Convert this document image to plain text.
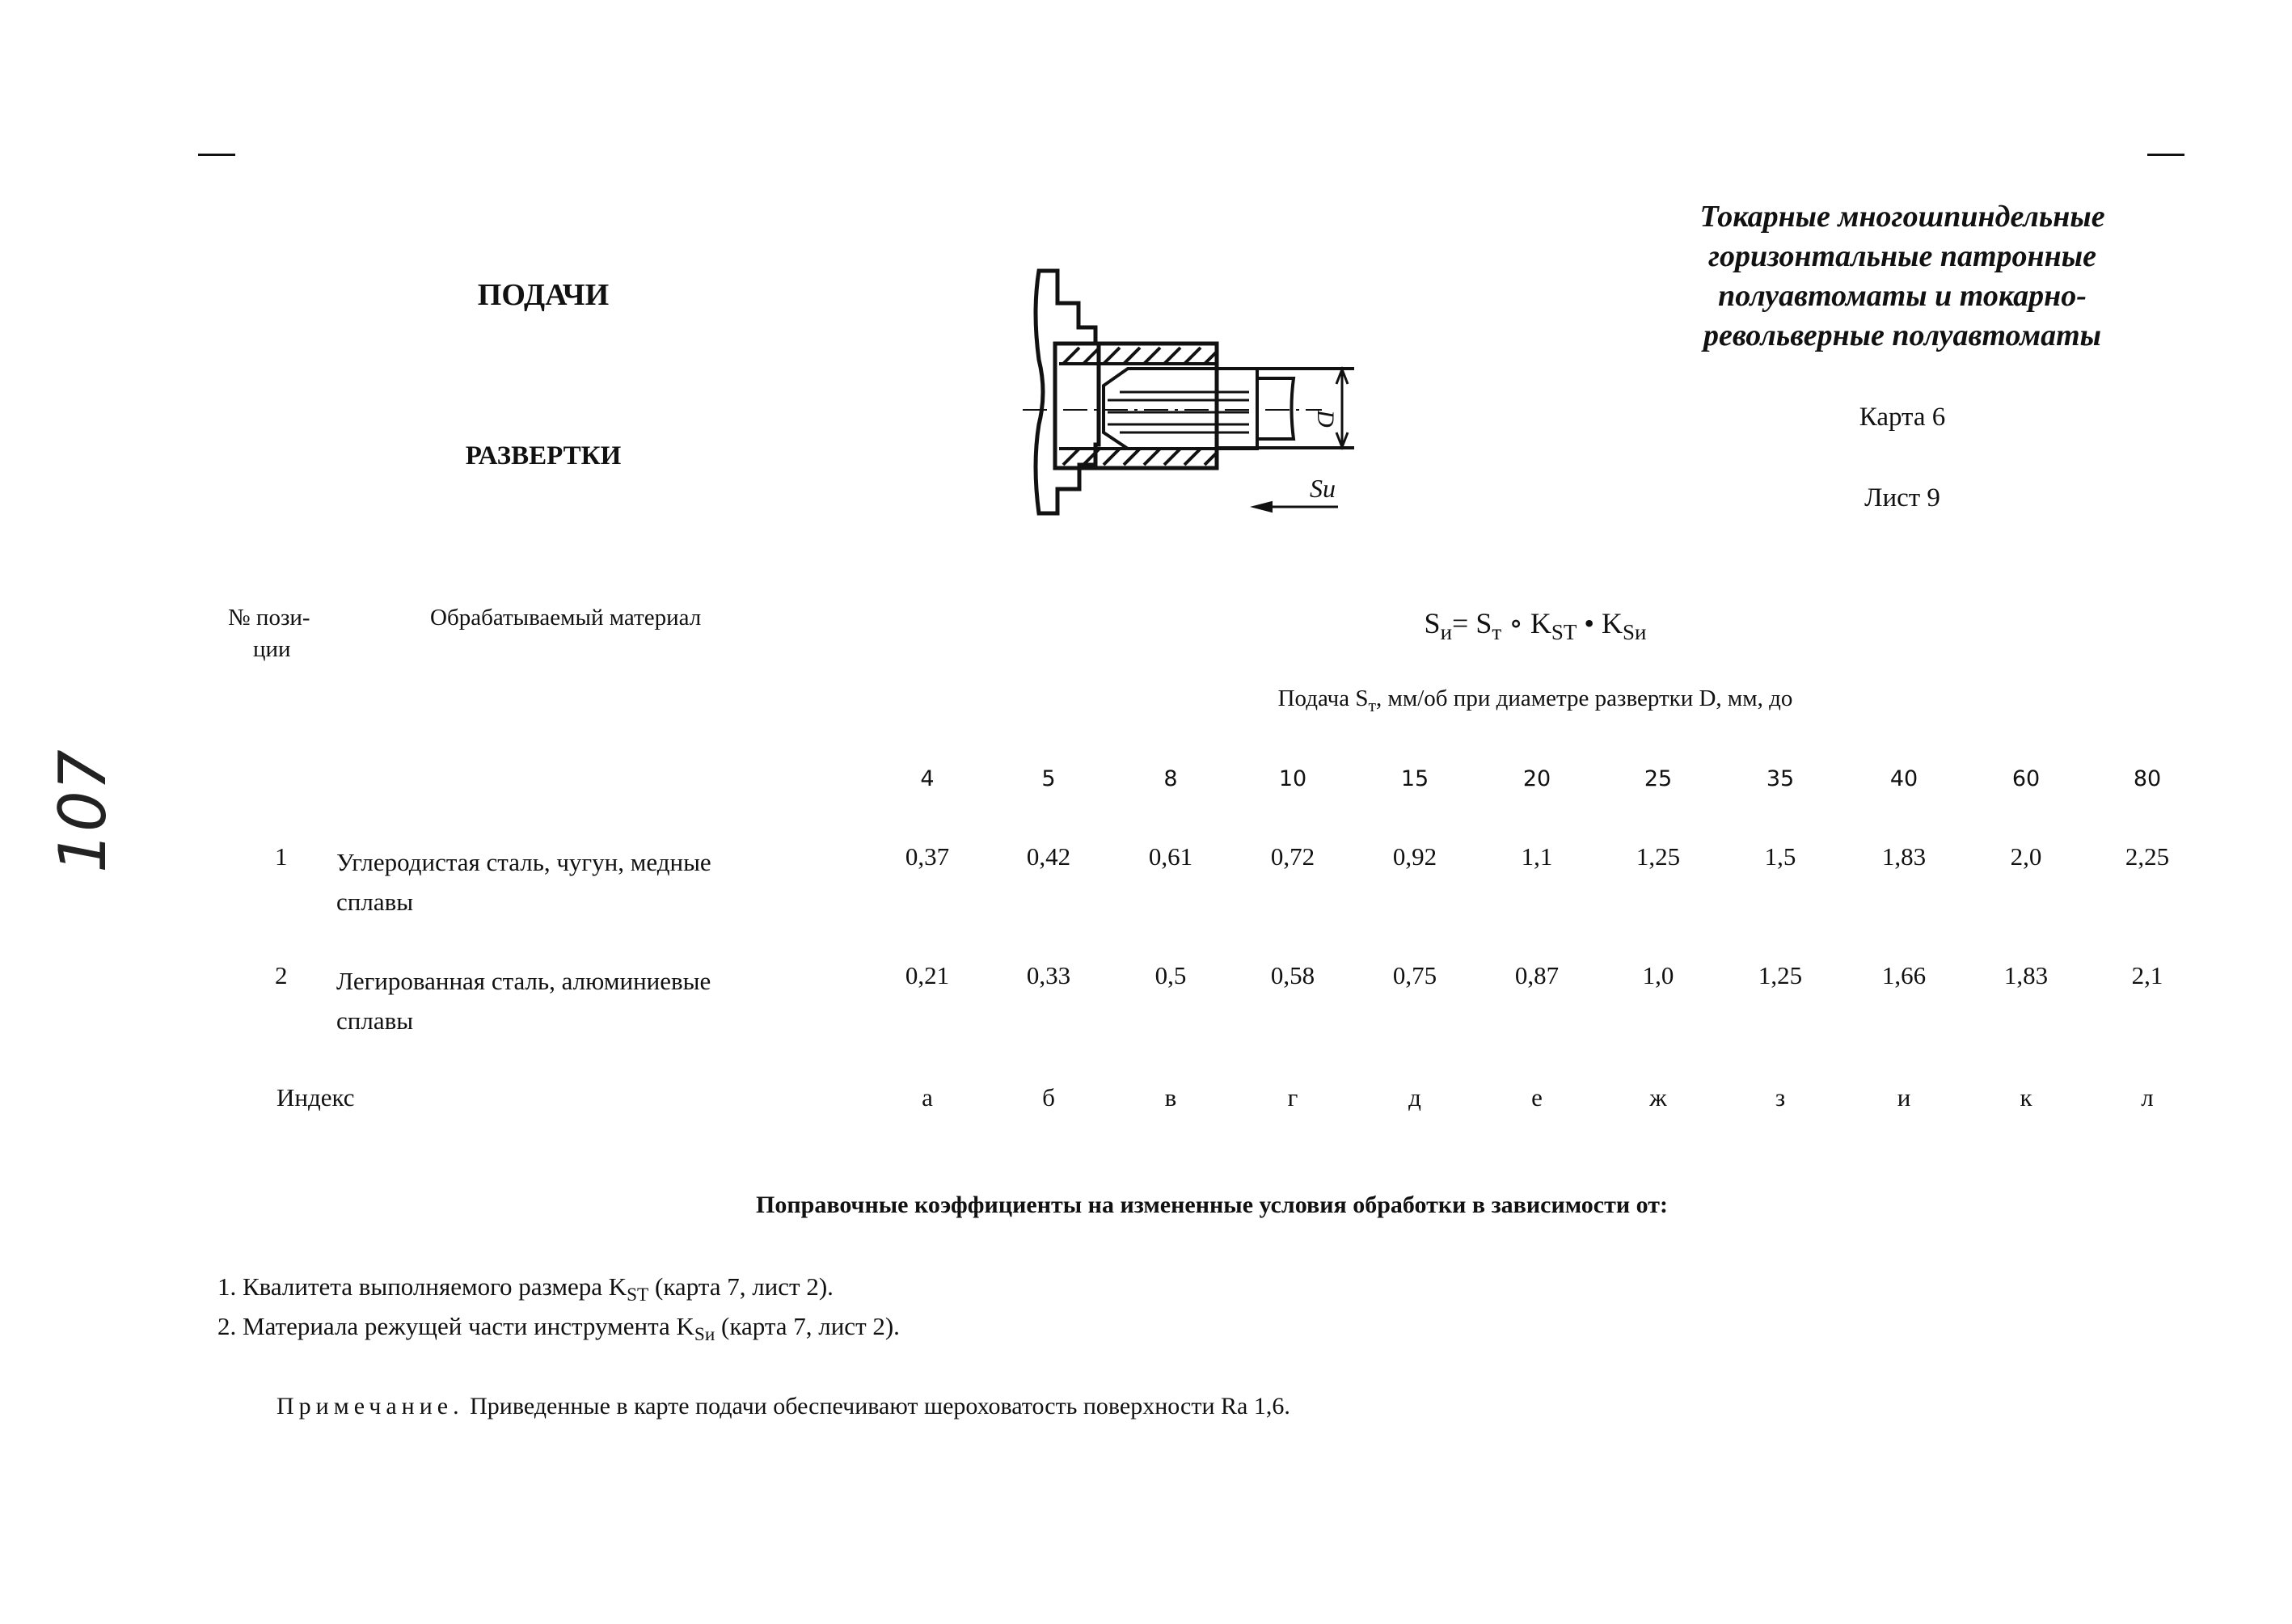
ПОДАЧИ
РАЗВЕРТКИ
Токарные многошпиндельные
горизонтальные патронные
полуавтоматы и токарно-
револьверные полуавтоматы
Карта 6
Лист 9
D
Sи
107
№ пози-
ции
Обрабатываемый материал	$S_и= S_т$ ∘ $K_{ST}$ • $K_{Sи}$
Подача $S_т$, мм/об при диаметре развертки D, мм, до
4
0,37
0,21
а
5
0,42
0,33
б
8
0,61
0,5
в
10
0,72
0,58
г
15
0,92
0,75
д
20
1,1
0,87
е
25
1,25
1,0
ж
35
1,5
1,25
з
40
1,83
1,66
и
60
2,0
1,83
к
80
2,25
2,1
л
1 Углеродистая сталь, чугун, медные
сплавы
2 Легированная сталь, алюминиевые
сплавы
Индекс
Поправочные коэффициенты на измененные условия обработки в зависимости от:
1. Квалитета выполняемого размера $K_{ST}$ (карта 7, лист 2).
2. Материала режущей части инструмента $K_{Sи}$ (карта 7, лист 2).
Примечание. Приведенные в карте подачи обеспечивают шероховатость поверхности Ra 1,6.
